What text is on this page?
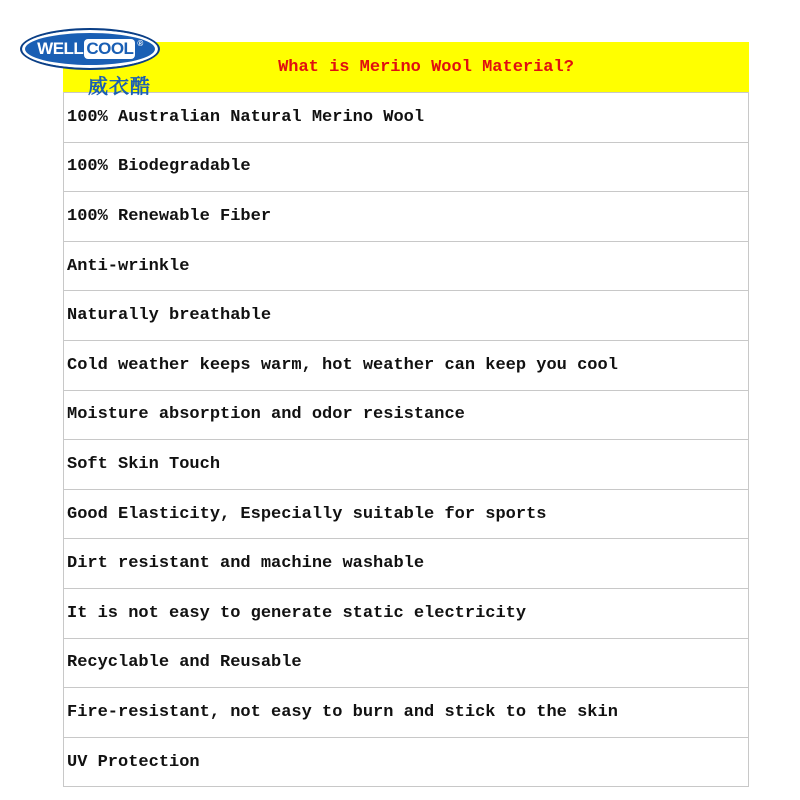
WELL COOL ®
威衣酷
What is Merino Wool Material?
100% Australian Natural Merino Wool
100% Biodegradable
100% Renewable Fiber
Anti-wrinkle
Naturally breathable
Cold weather keeps warm, hot weather can keep you cool
Moisture absorption and odor resistance
Soft Skin Touch
Good Elasticity, Especially suitable for sports
Dirt resistant and machine washable
It is not easy to generate static electricity
Recyclable and Reusable
Fire-resistant, not easy to burn and stick to the skin
UV Protection
